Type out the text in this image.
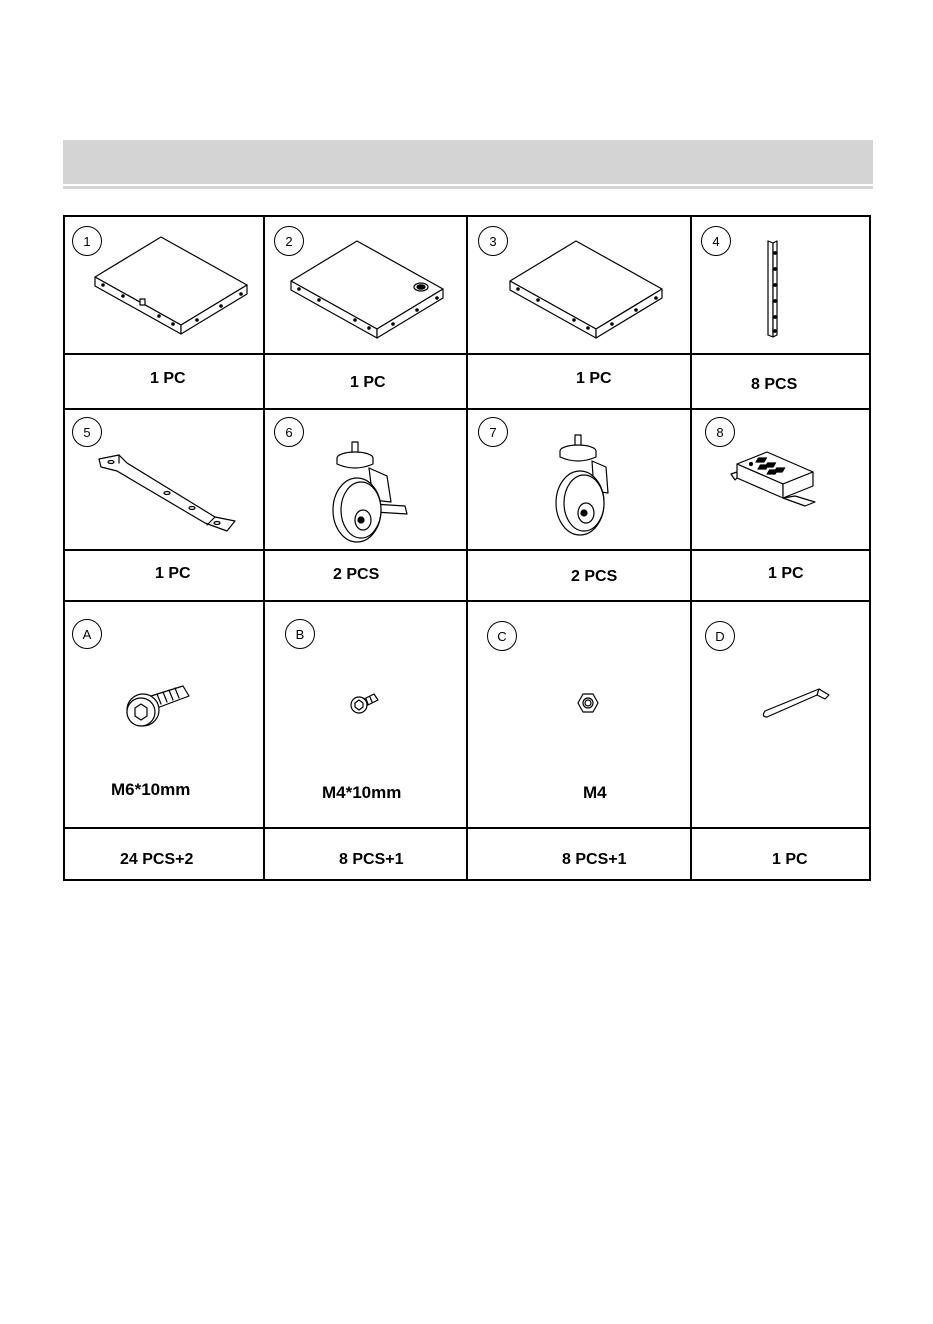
1
1 PC
2
1 PC
3
1 PC
4
8 PCS
5
1 PC
6
2 PCS
7
2 PCS
8
1 PC
A
M6*10mm
24 PCS+2
B
M4*10mm
8 PCS+1
C
M4
8 PCS+1
D
1 PC
